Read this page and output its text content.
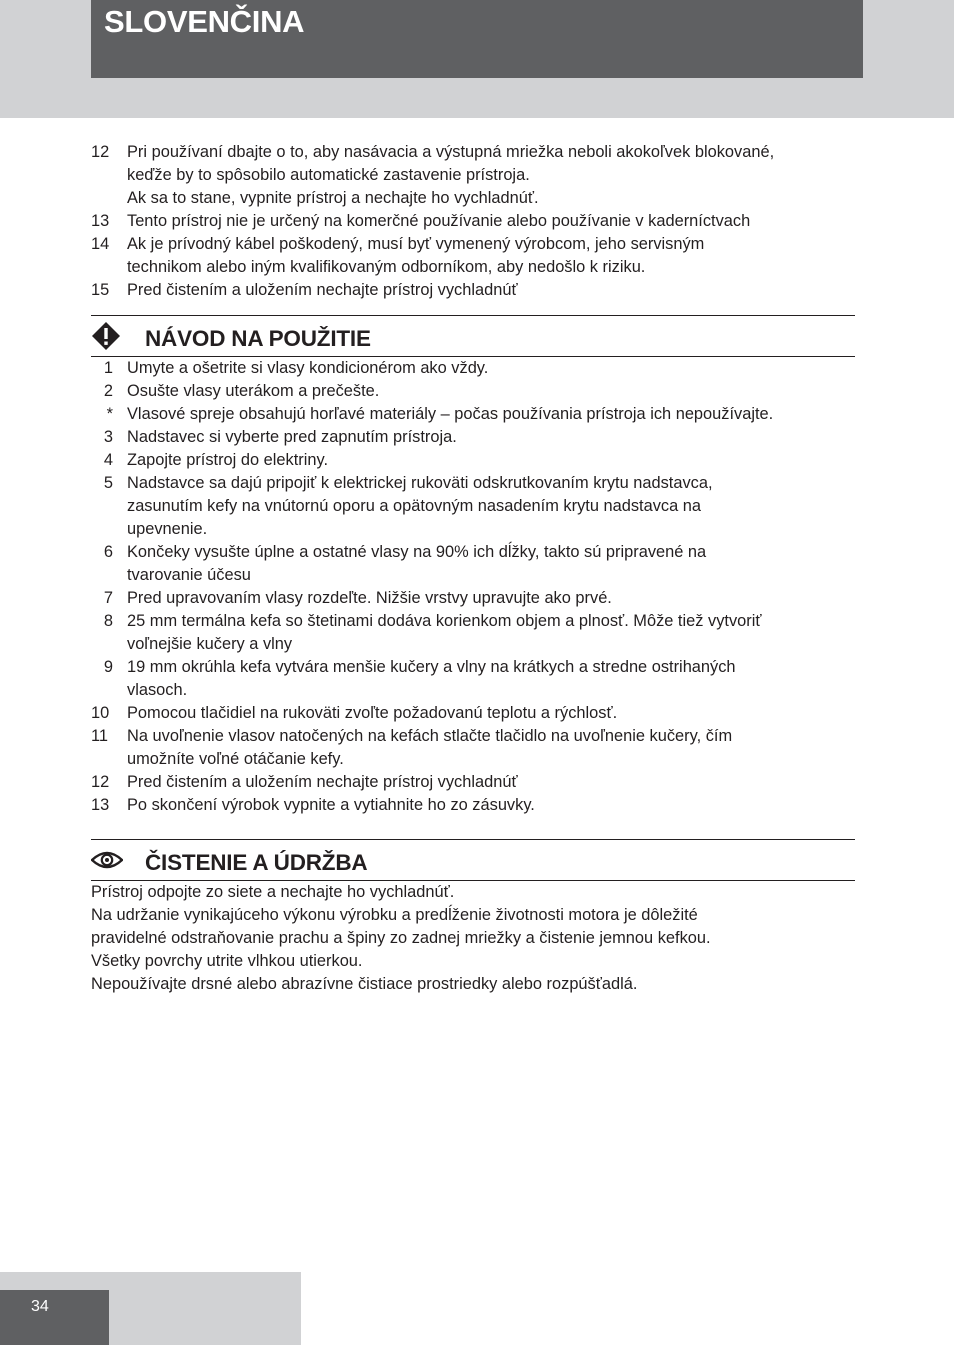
SLOVENČINA
12	Pri používaní dbajte o to, aby nasávacia a výstupná mriežka neboli akokoľvek blokované,
keďže by to spôsobilo automatické zastavenie prístroja.
Ak sa to stane, vypnite prístroj a nechajte ho vychladnúť.
13	Tento prístroj nie je určený na komerčné používanie alebo používanie v kaderníctvach
14	Ak je prívodný kábel poškodený, musí byť vymenený výrobcom, jeho servisným
technikom alebo iným kvalifikovaným odborníkom, aby nedošlo k riziku.
15	Pred čistením a uložením nechajte prístroj vychladnúť
NÁVOD NA POUŽITIE
1 Umyte a ošetrite si vlasy kondicionérom ako vždy.
2 Osušte vlasy uterákom a prečešte.
* Vlasové spreje obsahujú horľavé materiály – počas používania prístroja ich nepoužívajte.
3 Nadstavec si vyberte pred zapnutím prístroja.
4 Zapojte prístroj do elektriny.
5 Nadstavce sa dajú pripojiť k elektrickej rukoväti odskrutkovaním krytu nadstavca,
zasunutím kefy na vnútornú oporu a opätovným nasadením krytu nadstavca na
upevnenie.
6 Končeky vysušte úplne a ostatné vlasy na 90% ich dĺžky, takto sú pripravené na
tvarovanie účesu
7 Pred upravovaním vlasy rozdeľte. Nižšie vrstvy upravujte ako prvé.
8 25 mm termálna kefa so štetinami dodáva korienkom objem a plnosť. Môže tiež vytvoriť
voľnejšie kučery a vlny
9 19 mm okrúhla kefa vytvára menšie kučery a vlny na krátkych a stredne ostrihaných
vlasoch.
10	Pomocou tlačidiel na rukoväti zvoľte požadovanú teplotu a rýchlosť.
11	Na uvoľnenie vlasov natočených na kefách stlačte tlačidlo na uvoľnenie kučery, čím
umožníte voľné otáčanie kefy.
12	Pred čistením a uložením nechajte prístroj vychladnúť
13	Po skončení výrobok vypnite a vytiahnite ho zo zásuvky.
ČISTENIE A ÚDRŽBA
Prístroj odpojte zo siete a nechajte ho vychladnúť.
Na udržanie vynikajúceho výkonu výrobku a predĺženie životnosti motora je dôležité
pravidelné odstraňovanie prachu a špiny zo zadnej mriežky a čistenie jemnou kefkou.
Všetky povrchy utrite vlhkou utierkou.
Nepoužívajte drsné alebo abrazívne čistiace prostriedky alebo rozpúšťadlá.
34
